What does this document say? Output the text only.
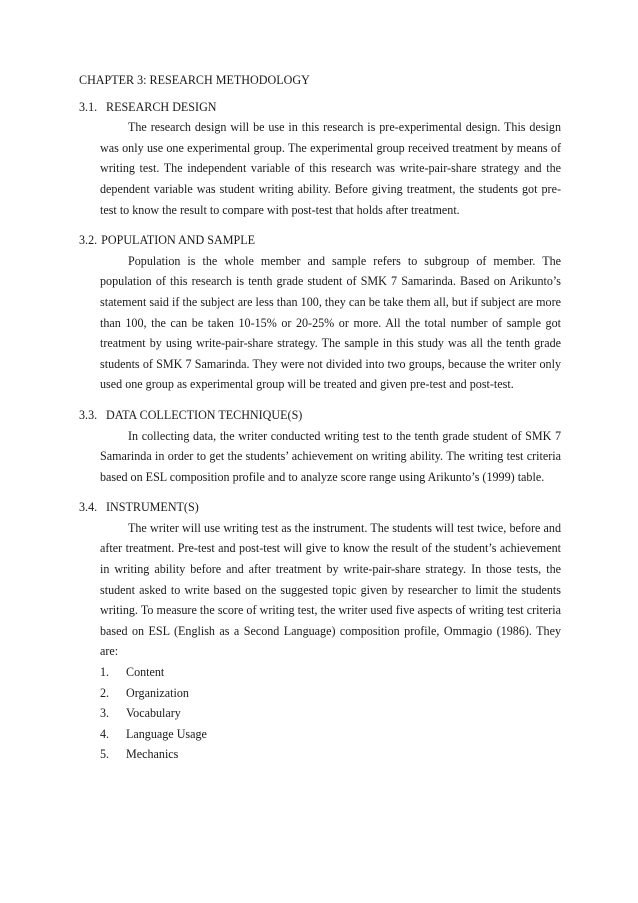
CHAPTER 3: RESEARCH METHODOLOGY
3.1. RESEARCH DESIGN

The research design will be use in this research is pre-experimental design. This design was only use one experimental group. The experimental group received treatment by means of writing test. The independent variable of this research was write-pair-share strategy and the dependent variable was student writing ability. Before giving treatment, the students got pre-test to know the result to compare with post-test that holds after treatment.

3.2. POPULATION AND SAMPLE

Population is the whole member and sample refers to subgroup of member. The population of this research is tenth grade student of SMK 7 Samarinda. Based on Arikunto’s statement said if the subject are less than 100, they can be take them all, but if subject are more than 100, the can be taken 10-15% or 20-25% or more. All the total number of sample got treatment by using write-pair-share strategy. The sample in this study was all the tenth grade students of SMK 7 Samarinda. They were not divided into two groups, because the writer only used one group as experimental group will be treated and given pre-test and post-test.

3.3. DATA COLLECTION TECHNIQUE(S)

In collecting data, the writer conducted writing test to the tenth grade student of SMK 7 Samarinda in order to get the students’ achievement on writing ability. The writing test criteria based on ESL composition profile and to analyze score range using Arikunto’s (1999) table.

3.4. INSTRUMENT(S)

The writer will use writing test as the instrument. The students will test twice, before and after treatment. Pre-test and post-test will give to know the result of the student’s achievement in writing ability before and after treatment by write-pair-share strategy. In those tests, the student asked to write based on the suggested topic given by researcher to limit the students writing. To measure the score of writing test, the writer used five aspects of writing test criteria based on ESL (English as a Second Language) composition profile, Ommagio (1986). They are:

1.	Content
2.	Organization
3.	Vocabulary
4.	Language Usage
5.	Mechanics
